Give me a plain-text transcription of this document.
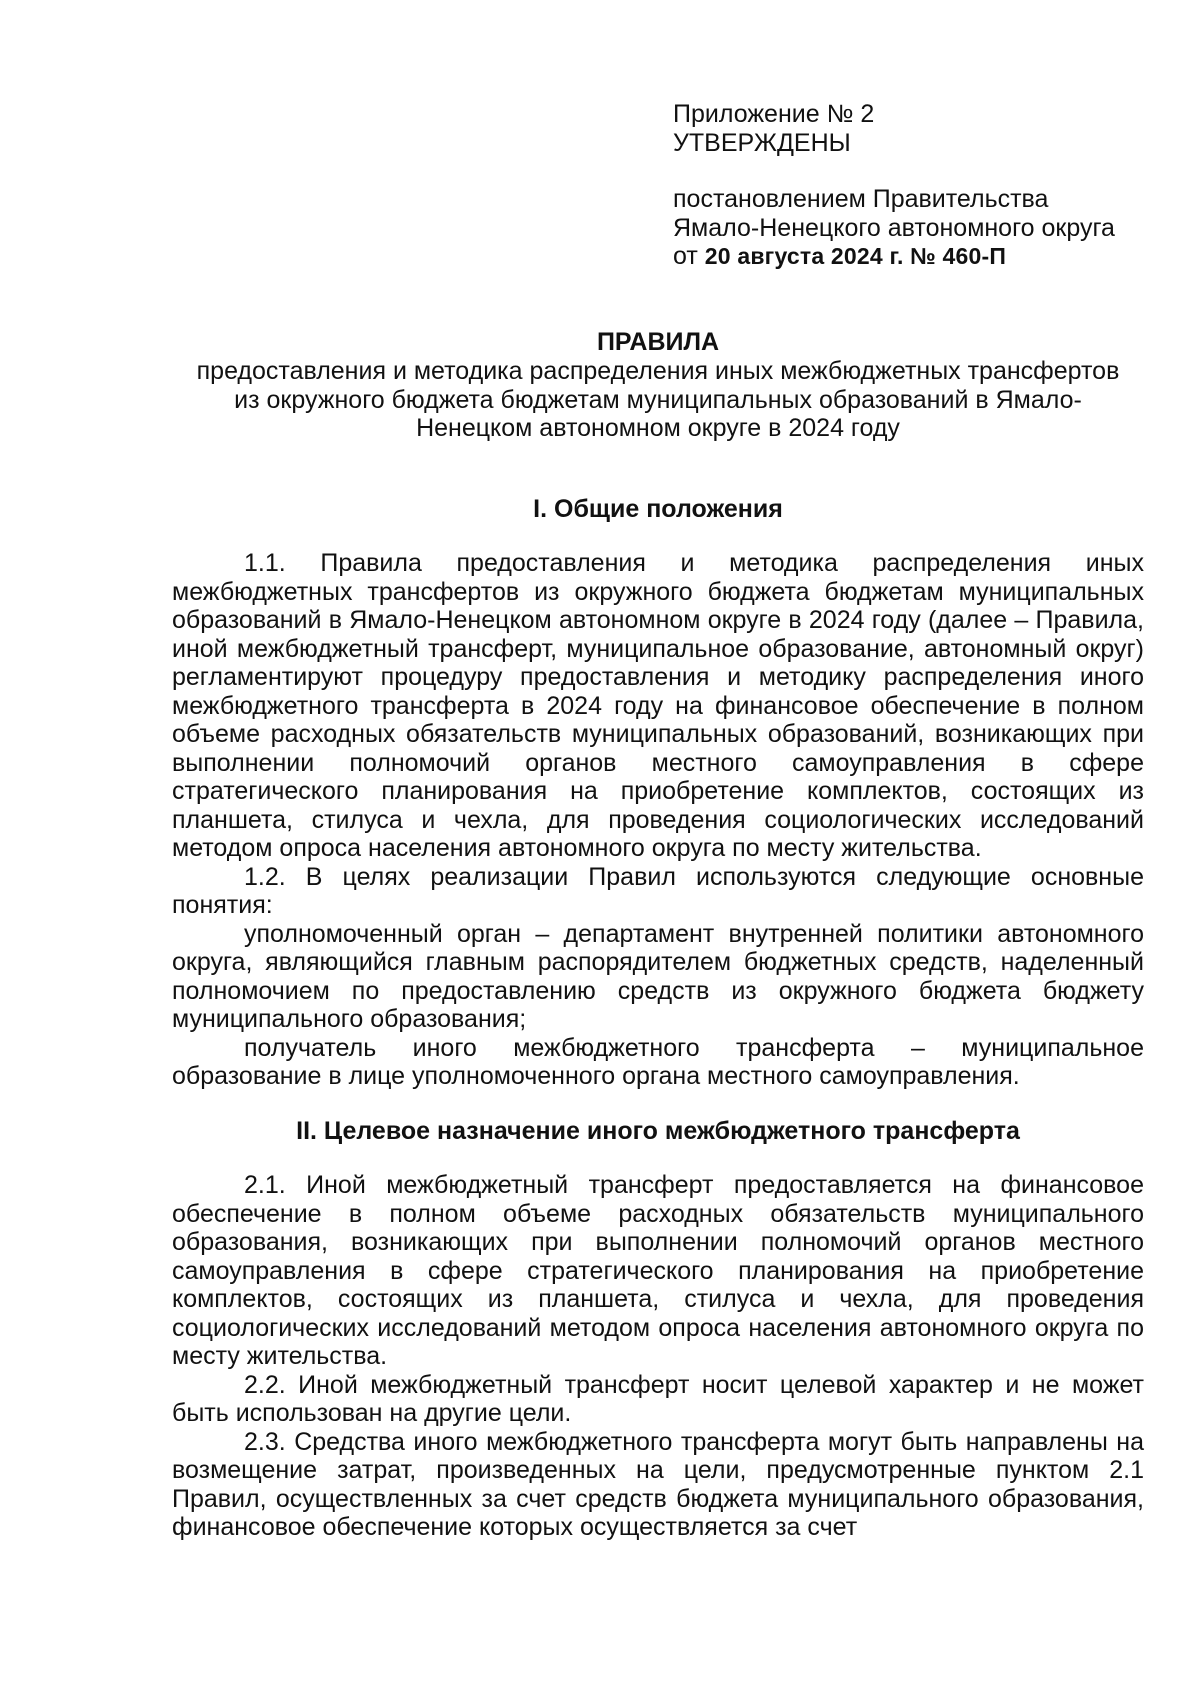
Приложение № 2
УТВЕРЖДЕНЫ
постановлением Правительства
Ямало-Ненецкого автономного округа
от 20 августа 2024 г. № 460-П

ПРАВИЛА

предоставления и методика распределения иных межбюджетных трансфертов из окружного бюджета бюджетам муниципальных образований в Ямало-Ненецком автономном округе в 2024 году

I. Общие положения

1.1. Правила предоставления и методика распределения иных межбюджетных трансфертов из окружного бюджета бюджетам муниципальных образований в Ямало-Ненецком автономном округе в 2024 году (далее – Правила, иной межбюджетный трансферт, муниципальное образование, автономный округ) регламентируют процедуру предоставления и методику распределения иного межбюджетного трансферта в 2024 году на финансовое обеспечение в полном объеме расходных обязательств муниципальных образований, возникающих при выполнении полномочий органов местного самоуправления в сфере стратегического планирования на приобретение комплектов, состоящих из планшета, стилуса и чехла, для проведения социологических исследований методом опроса населения автономного округа по месту жительства.

1.2. В целях реализации Правил используются следующие основные понятия:

уполномоченный орган – департамент внутренней политики автономного округа, являющийся главным распорядителем бюджетных средств, наделенный полномочием по предоставлению средств из окружного бюджета бюджету муниципального образования;

получатель иного межбюджетного трансферта – муниципальное образование в лице уполномоченного органа местного самоуправления.

II. Целевое назначение иного межбюджетного трансферта

2.1. Иной межбюджетный трансферт предоставляется на финансовое обеспечение в полном объеме расходных обязательств муниципального образования, возникающих при выполнении полномочий органов местного самоуправления в сфере стратегического планирования на приобретение комплектов, состоящих из планшета, стилуса и чехла, для проведения социологических исследований методом опроса населения автономного округа по месту жительства.

2.2. Иной межбюджетный трансферт носит целевой характер и не может быть использован на другие цели.

2.3. Средства иного межбюджетного трансферта могут быть направлены на возмещение затрат, произведенных на цели, предусмотренные пунктом 2.1 Правил, осуществленных за счет средств бюджета муниципального образования, финансовое обеспечение которых осуществляется за счет
